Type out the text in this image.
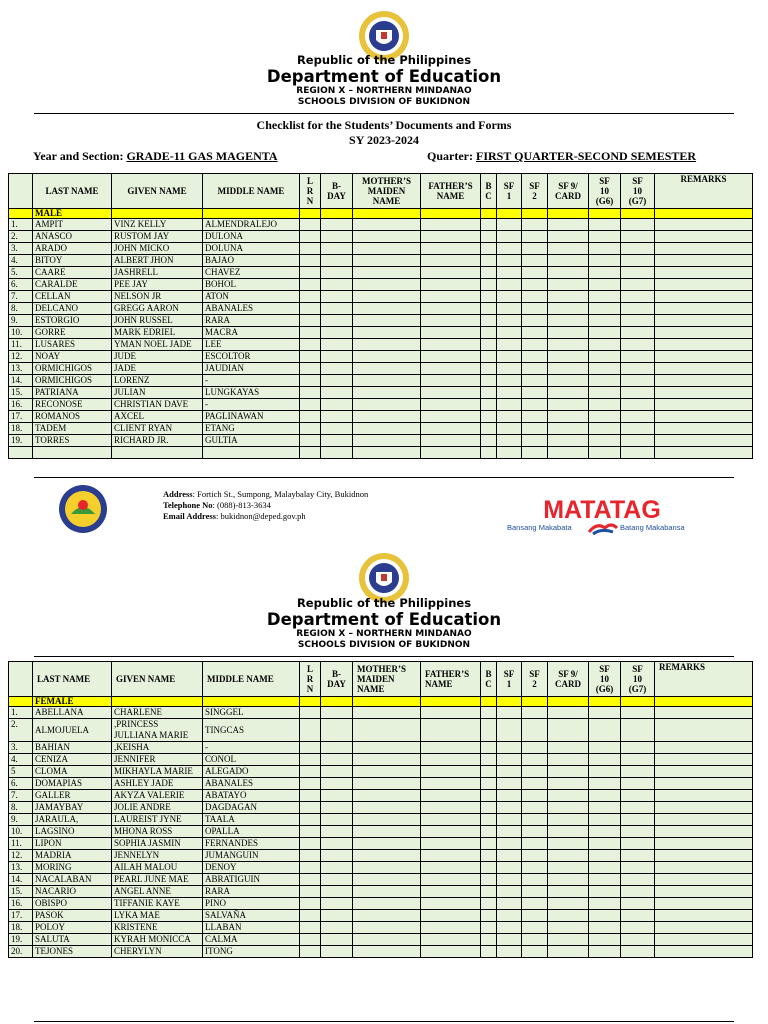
Republic of the Philippines
Department of Education
REGION X – NORTHERN MINDANAO
SCHOOLS DIVISION OF BUKIDNON
Checklist for the Students’ Documents and Forms
SY 2023-2024
Year and Section: GRADE-11 GAS MAGENTA	Quarter: FIRST QUARTER-SECOND SEMESTER
	LAST NAME	GIVEN NAME	MIDDLE NAME	L
R
N	B-
DAY	MOTHER’S
MAIDEN
NAME	FATHER’S
NAME	B
C	SF
1	SF
2	SF 9/
CARD	SF
10
(G6)	SF
10
(G7)	REMARKS
	MALE													
1.	AMPIT	VINZ KELLY	ALMENDRALEJO											
2.	ANASCO	RUSTOM JAY	DULONA											
3.	ARADO	JOHN MICKO	DOLUNA											
4.	BITOY	ALBERT JHON	BAJAO											
5.	CAARE	JASHRELL	CHAVEZ											
6.	CARALDE	PEE JAY	BOHOL											
7.	CELLAN	NELSON JR	ATON											
8.	DELCANO	GREGG AARON	ABANALES											
9.	ESTORGIO	JOHN RUSSEL	RARA											
10.	GORRE	MARK EDRIEL	MACRA											
11.	LUSARES	YMAN NOEL JADE	LEE											
12.	NOAY	JUDE	ESCOLTOR											
13.	ORMICHIGOS	JADE	JAUDIAN											
14.	ORMICHIGOS	LORENZ	-											
15.	PATRIANA	JULIAN	LUNGKAYAS											
16.	RECONOSE	CHRISTIAN DAVE	-											
17.	ROMANOS	AXCEL	PAGLINAWAN											
18.	TADEM	CLIENT RYAN	ETANG											
19.	TORRES	RICHARD JR.	GULTIA											

Address: Fortich St., Sumpong, Malaybalay City, Bukidnon
Telephone No: (088)-813-3634
Email Address: bukidnon@deped.gov.ph	MATATAG
Bansang Makabata	Batang Makabansa
Republic of the Philippines
Department of Education
REGION X – NORTHERN MINDANAO
SCHOOLS DIVISION OF BUKIDNON
	LAST NAME	GIVEN NAME	MIDDLE NAME	L
R
N	B-
DAY	MOTHER’S
MAIDEN
NAME	FATHER’S
NAME	B
C	SF
1	SF
2	SF 9/
CARD	SF
10
(G6)	SF
10
(G7)	REMARKS
	FEMALE													
1.	ABELLANA	CHARLENE	SINGGEL											
2.	ALMOJUELA	,PRINCESS JULLIANA MARIE	TINGCAS											
3.	BAHIAN	,KEISHA	-											
4.	CENIZA	JENNIFER	CONOL											
5	CLOMA	MIKHAYLA MARIE	ALEGADO											
6.	DOMAPIAS	ASHLEY JADE	ABANALES											
7.	GALLER	AKYZA VALERIE	ABATAYO											
8.	JAMAYBAY	JOLIE ANDRE	DAGDAGAN											
9.	JARAULA,	LAUREIST JYNE	TAALA											
10.	LAGSINO	MHONA ROSS	OPALLA											
11.	LIPON	SOPHIA JASMIN	FERNANDES											
12.	MADRIA	JENNELYN	JUMANGUIN											
13.	MORING	AILAH MALOU	DENOY											
14.	NACALABAN	PEARL JUNE MAE	ABRATIGUIN											
15.	NACARIO	ANGEL ANNE	RARA											
16.	OBISPO	TIFFANIE KAYE	PINO											
17.	PASOK	LYKA MAE	SALVAÑA											
18.	POLOY	KRISTENE	LLABAN											
19.	SALUTA	KYRAH MONICCA	CALMA											
20.	TEJONES	CHERYLYN	ITONG											
